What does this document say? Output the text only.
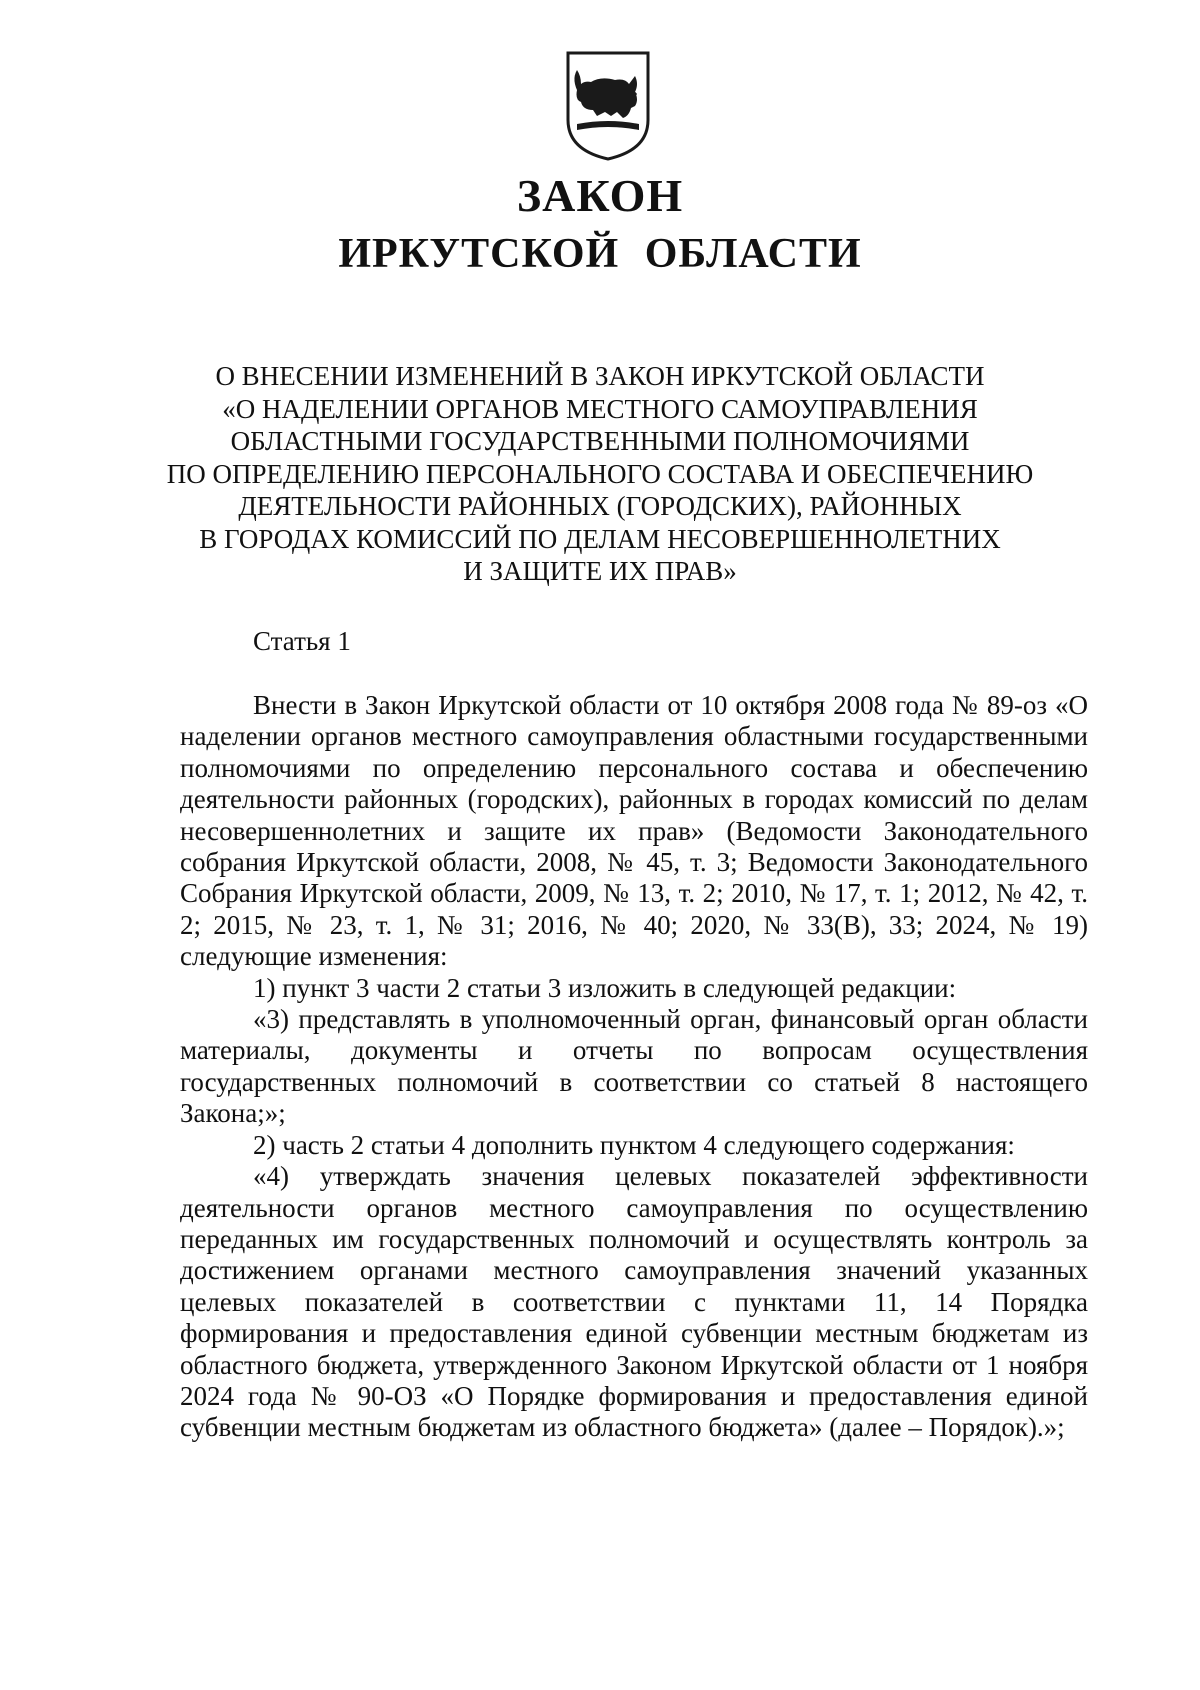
ЗАКОН
ИРКУТСКОЙ ОБЛАСТИ
О ВНЕСЕНИИ ИЗМЕНЕНИЙ В ЗАКОН ИРКУТСКОЙ ОБЛАСТИ
«О НАДЕЛЕНИИ ОРГАНОВ МЕСТНОГО САМОУПРАВЛЕНИЯ
ОБЛАСТНЫМИ ГОСУДАРСТВЕННЫМИ ПОЛНОМОЧИЯМИ
ПО ОПРЕДЕЛЕНИЮ ПЕРСОНАЛЬНОГО СОСТАВА И ОБЕСПЕЧЕНИЮ
ДЕЯТЕЛЬНОСТИ РАЙОННЫХ (ГОРОДСКИХ), РАЙОННЫХ
В ГОРОДАХ КОМИССИЙ ПО ДЕЛАМ НЕСОВЕРШЕННОЛЕТНИХ
И ЗАЩИТЕ ИХ ПРАВ»
Статья 1

Внести в Закон Иркутской области от 10 октября 2008 года № 89-оз «О наделении органов местного самоуправления областными государственными полномочиями по определению персонального состава и обеспечению деятельности районных (городских), районных в городах комиссий по делам несовершеннолетних и защите их прав» (Ведомости Законодательного собрания Иркутской области, 2008, № 45, т. 3; Ведомости Законодательного Собрания Иркутской области, 2009, № 13, т. 2; 2010, № 17, т. 1; 2012, № 42, т. 2; 2015, № 23, т. 1, № 31; 2016, № 40; 2020, № 33(В), 33; 2024, № 19) следующие изменения:

1) пункт 3 части 2 статьи 3 изложить в следующей редакции:

«3) представлять в уполномоченный орган, финансовый орган области материалы, документы и отчеты по вопросам осуществления государственных полномочий в соответствии со статьей 8 настоящего Закона;»;

2) часть 2 статьи 4 дополнить пунктом 4 следующего содержания:

«4) утверждать значения целевых показателей эффективности деятельности органов местного самоуправления по осуществлению переданных им государственных полномочий и осуществлять контроль за достижением органами местного самоуправления значений указанных целевых показателей в соответствии с пунктами 11, 14 Порядка формирования и предоставления единой субвенции местным бюджетам из областного бюджета, утвержденного Законом Иркутской области от 1 ноября 2024 года № 90-ОЗ «О Порядке формирования и предоставления единой субвенции местным бюджетам из областного бюджета» (далее – Порядок).»;
